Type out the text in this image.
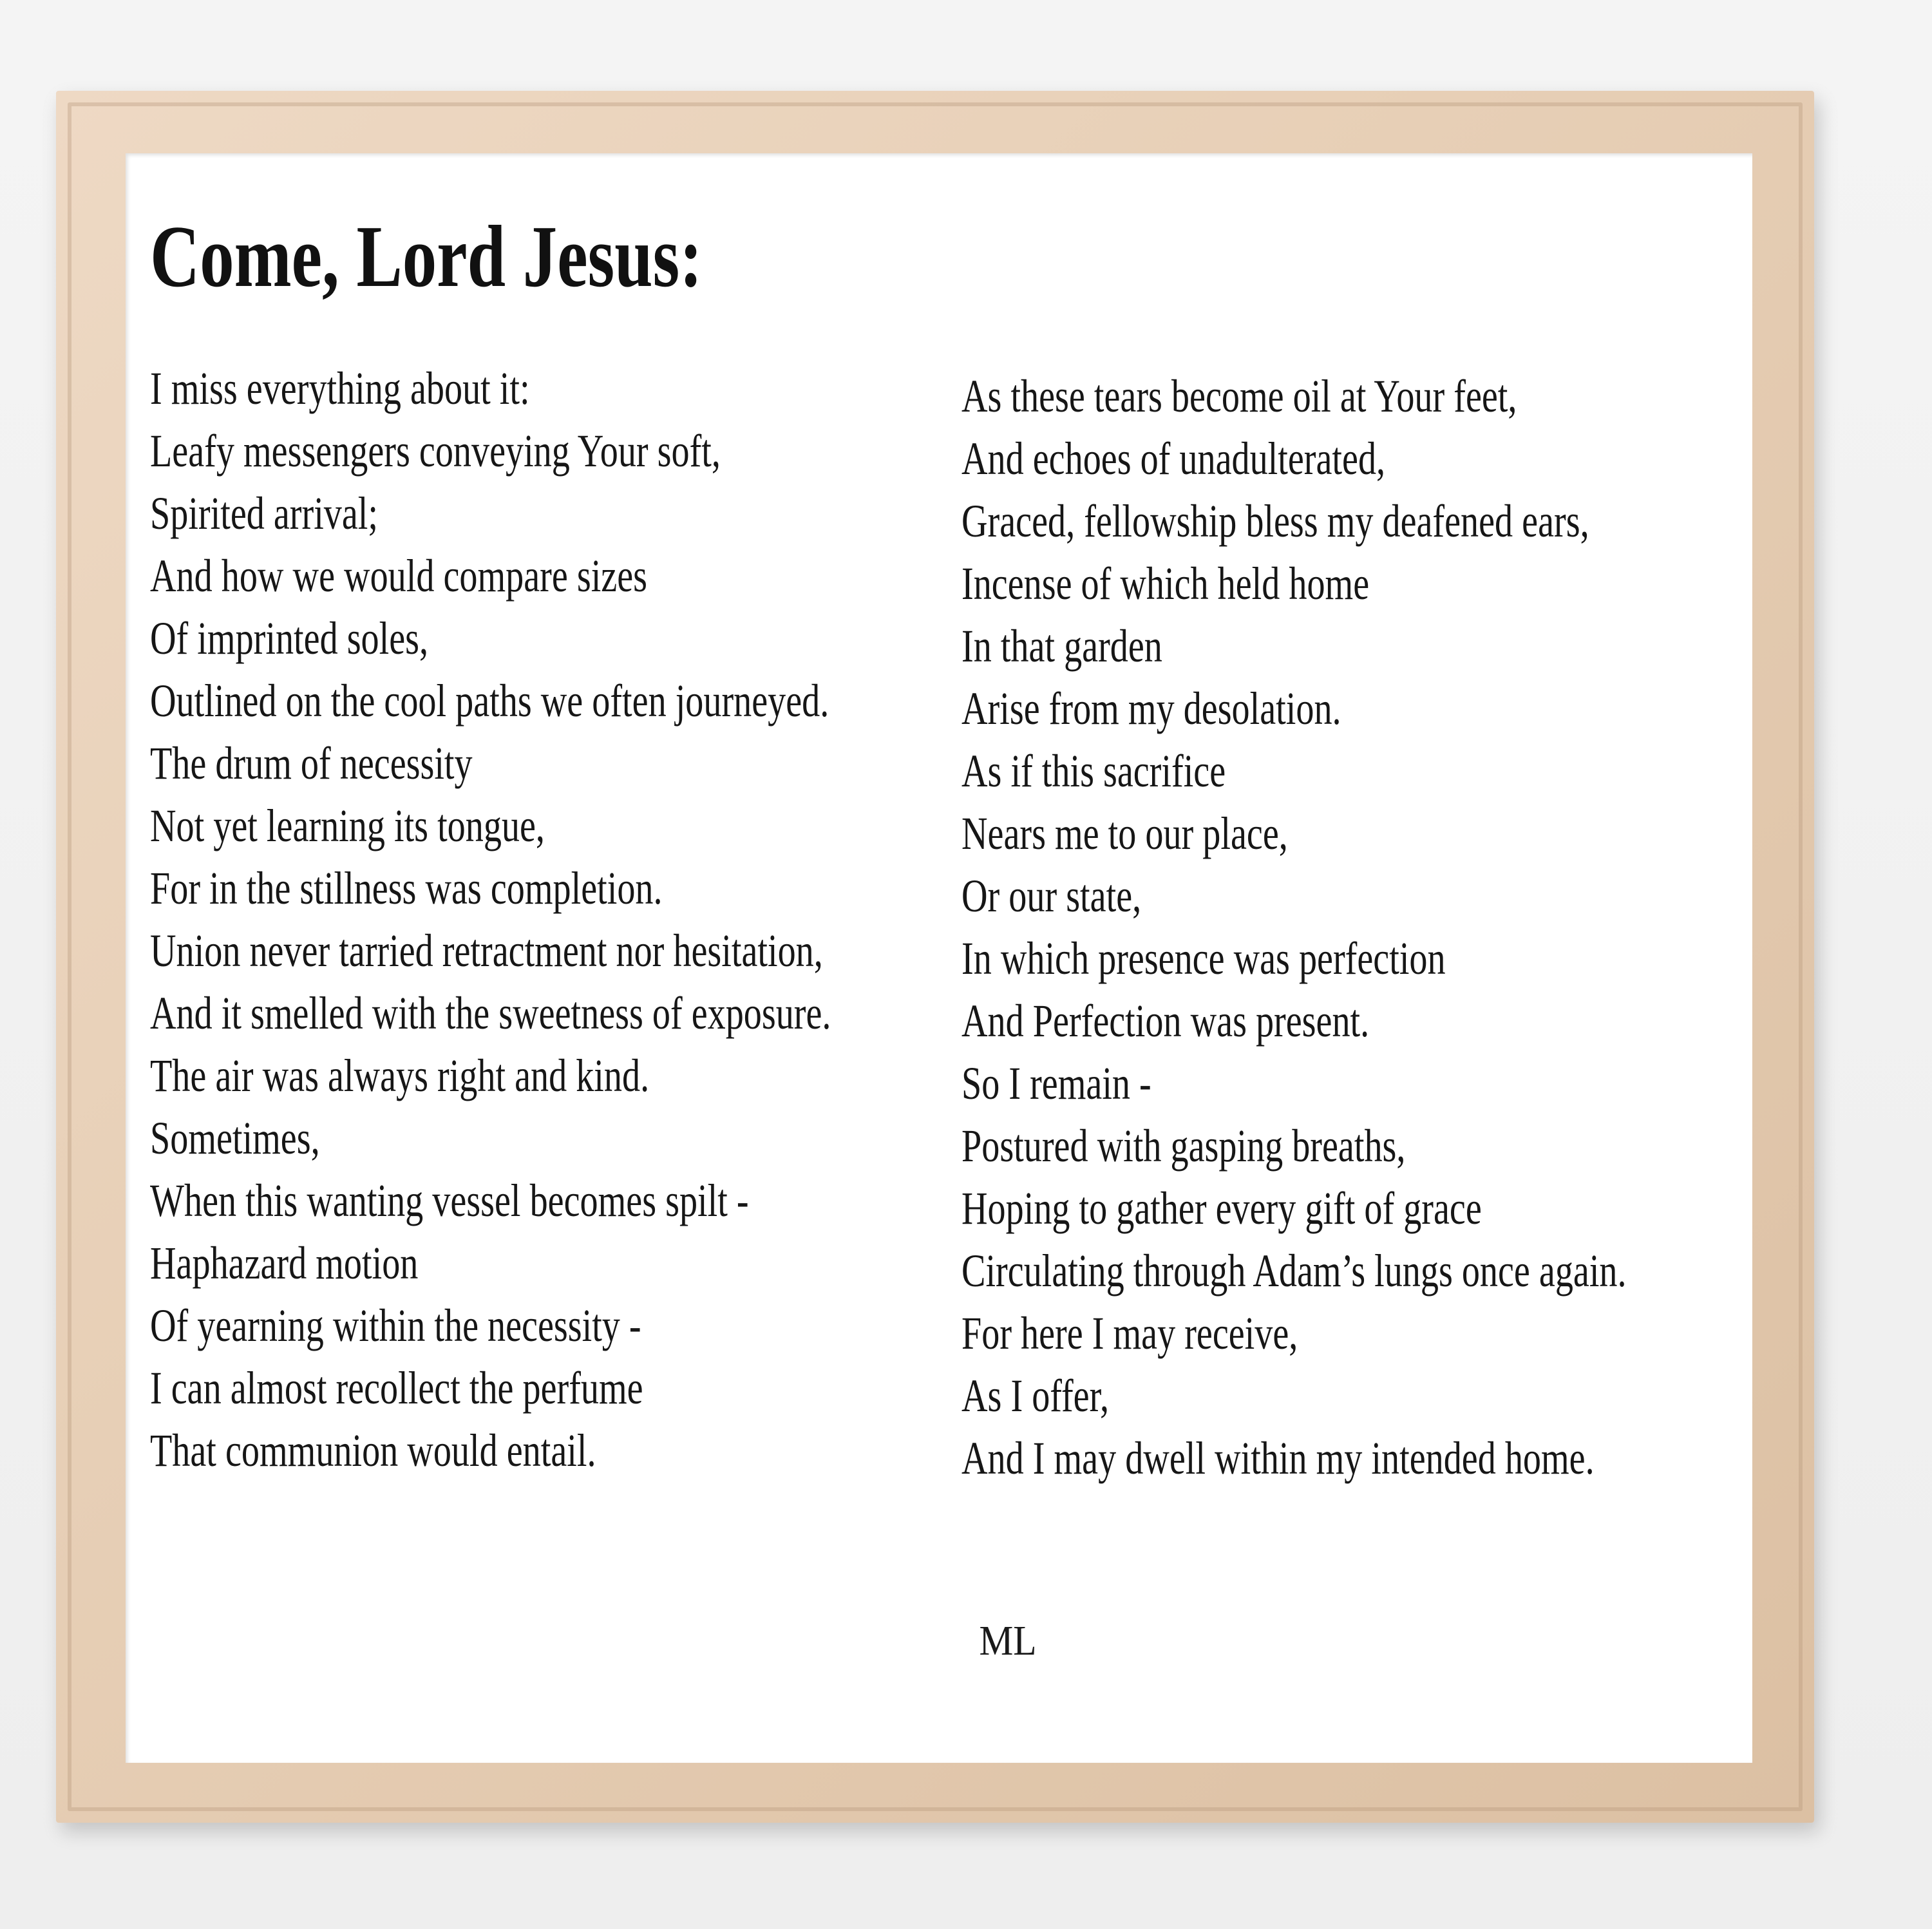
Come, Lord Jesus:
I miss everything about it:
Leafy messengers conveying Your soft,
Spirited arrival;
And how we would compare sizes
Of imprinted soles,
Outlined on the cool paths we often journeyed.
The drum of necessity
Not yet learning its tongue,
For in the stillness was completion.
Union never tarried retractment nor hesitation,
And it smelled with the sweetness of exposure.
The air was always right and kind.
Sometimes,
When this wanting vessel becomes spilt -
Haphazard motion
Of yearning within the necessity -
I can almost recollect the perfume
That communion would entail.
As these tears become oil at Your feet,
And echoes of unadulterated,
Graced, fellowship bless my deafened ears,
Incense of which held home
In that garden
Arise from my desolation.
As if this sacrifice
Nears me to our place,
Or our state,
In which presence was perfection
And Perfection was present.
So I remain -
Postured with gasping breaths,
Hoping to gather every gift of grace
Circulating through Adam’s lungs once again.
For here I may receive,
As I offer,
And I may dwell within my intended home.
ML
